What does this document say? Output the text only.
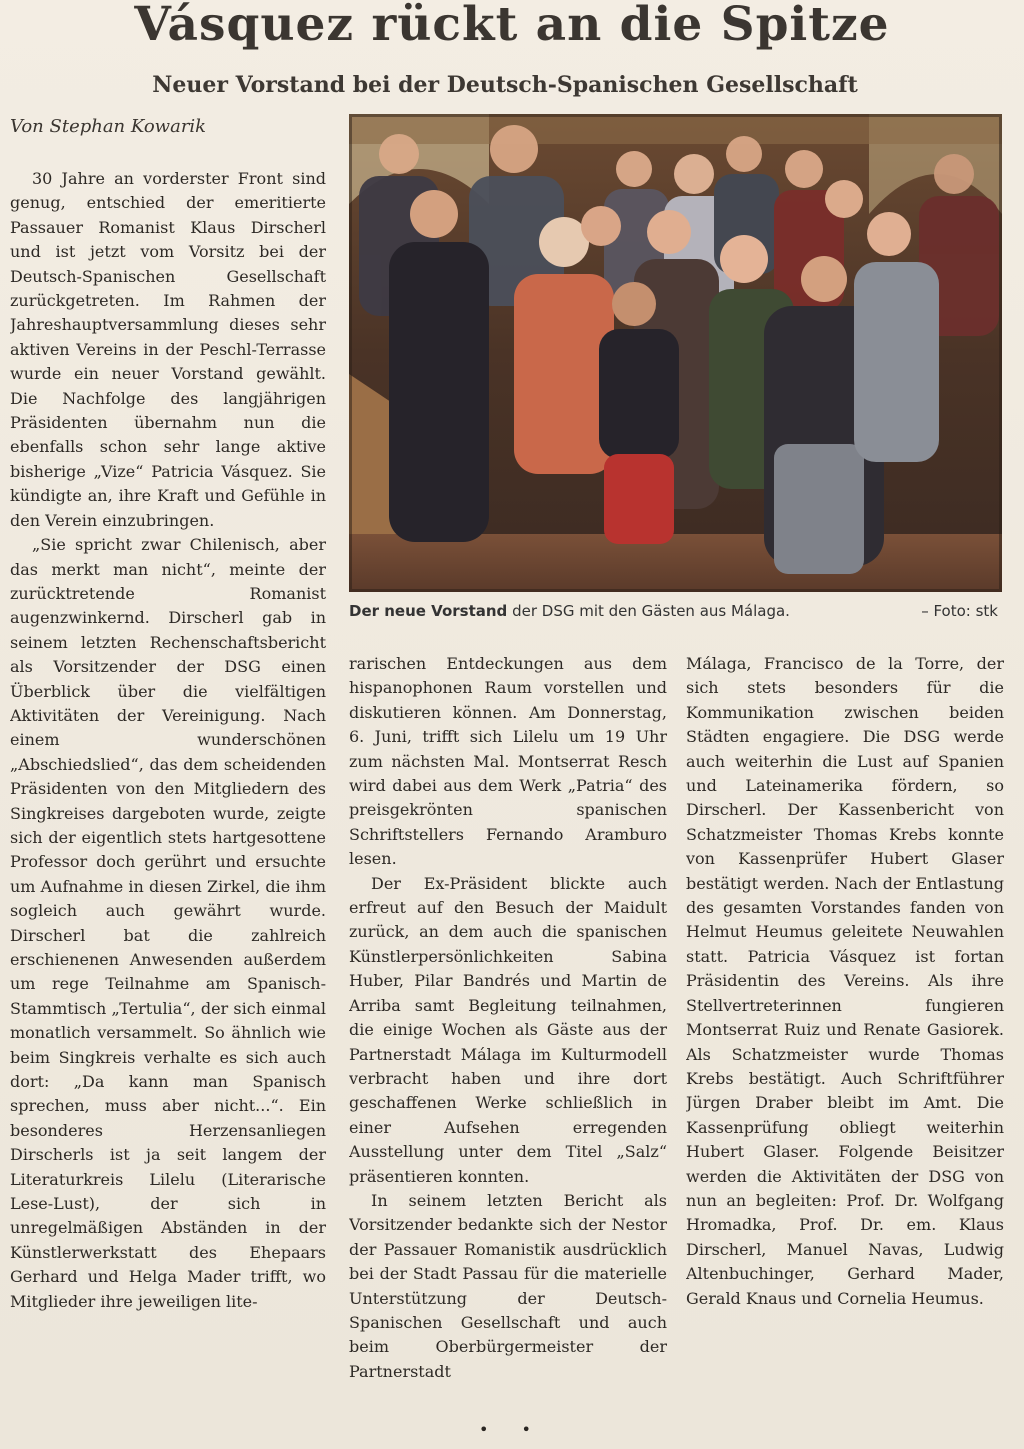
Vásquez rückt an die Spitze
Neuer Vorstand bei der Deutsch-Spanischen Gesellschaft
Von Stephan Kowarik

30 Jahre an vorderster Front sind genug, entschied der emeritierte Passauer Romanist Klaus Dirscherl und ist jetzt vom Vorsitz bei der Deutsch-Spanischen Gesellschaft zurückgetreten. Im Rahmen der Jahreshauptversammlung dieses sehr aktiven Vereins in der Peschl-Terrasse wurde ein neuer Vorstand gewählt. Die Nachfolge des langjährigen Präsidenten übernahm nun die ebenfalls schon sehr lange aktive bisherige „Vize“ Patricia Vásquez. Sie kündigte an, ihre Kraft und Gefühle in den Verein einzubringen.

„Sie spricht zwar Chilenisch, aber das merkt man nicht“, meinte der zurücktretende Romanist augenzwinkernd. Dirscherl gab in seinem letzten Rechenschaftsbericht als Vorsitzender der DSG einen Überblick über die vielfältigen Aktivitäten der Vereinigung. Nach einem wunderschönen „Abschiedslied“, das dem scheidenden Präsidenten von den Mitgliedern des Singkreises dargeboten wurde, zeigte sich der eigentlich stets hartgesottene Professor doch gerührt und ersuchte um Aufnahme in diesen Zirkel, die ihm sogleich auch gewährt wurde. Dirscherl bat die zahlreich erschienenen Anwesenden außerdem um rege Teilnahme am Spanisch-Stammtisch „Tertulia“, der sich einmal monatlich versammelt. So ähnlich wie beim Singkreis verhalte es sich auch dort: „Da kann man Spanisch sprechen, muss aber nicht...“. Ein besonderes Herzensanliegen Dirscherls ist ja seit langem der Literaturkreis Lilelu (Literarische Lese-Lust), der sich in unregelmäßigen Abständen in der Künstlerwerkstatt des Ehepaars Gerhard und Helga Mader trifft, wo Mitglieder ihre jeweiligen lite-

Der neue Vorstand der DSG mit den Gästen aus Málaga.	– Foto: stk

rarischen Entdeckungen aus dem hispanophonen Raum vorstellen und diskutieren können. Am Donnerstag, 6. Juni, trifft sich Lilelu um 19 Uhr zum nächsten Mal. Montserrat Resch wird dabei aus dem Werk „Patria“ des preisgekrönten spanischen Schriftstellers Fernando Aramburo lesen.

Der Ex-Präsident blickte auch erfreut auf den Besuch der Maidult zurück, an dem auch die spanischen Künstlerpersönlichkeiten Sabina Huber, Pilar Bandrés und Martin de Arriba samt Begleitung teilnahmen, die einige Wochen als Gäste aus der Partnerstadt Málaga im Kulturmodell verbracht haben und ihre dort geschaffenen Werke schließlich in einer Aufsehen erregenden Ausstellung unter dem Titel „Salz“ präsentieren konnten.

In seinem letzten Bericht als Vorsitzender bedankte sich der Nestor der Passauer Romanistik ausdrücklich bei der Stadt Passau für die materielle Unterstützung der Deutsch-Spanischen Gesellschaft und auch beim Oberbürgermeister der Partnerstadt

Málaga, Francisco de la Torre, der sich stets besonders für die Kommunikation zwischen beiden Städten engagiere. Die DSG werde auch weiterhin die Lust auf Spanien und Lateinamerika fördern, so Dirscherl. Der Kassenbericht von Schatzmeister Thomas Krebs konnte von Kassenprüfer Hubert Glaser bestätigt werden. Nach der Entlastung des gesamten Vorstandes fanden von Helmut Heumus geleitete Neuwahlen statt. Patricia Vásquez ist fortan Präsidentin des Vereins. Als ihre Stellvertreterinnen fungieren Montserrat Ruiz und Renate Gasiorek. Als Schatzmeister wurde Thomas Krebs bestätigt. Auch Schriftführer Jürgen Draber bleibt im Amt. Die Kassenprüfung obliegt weiterhin Hubert Glaser. Folgende Beisitzer werden die Aktivitäten der DSG von nun an begleiten: Prof. Dr. Wolfgang Hromadka, Prof. Dr. em. Klaus Dirscherl, Manuel Navas, Ludwig Altenbuchinger, Gerhard Mader, Gerald Knaus und Cornelia Heumus.

• •
